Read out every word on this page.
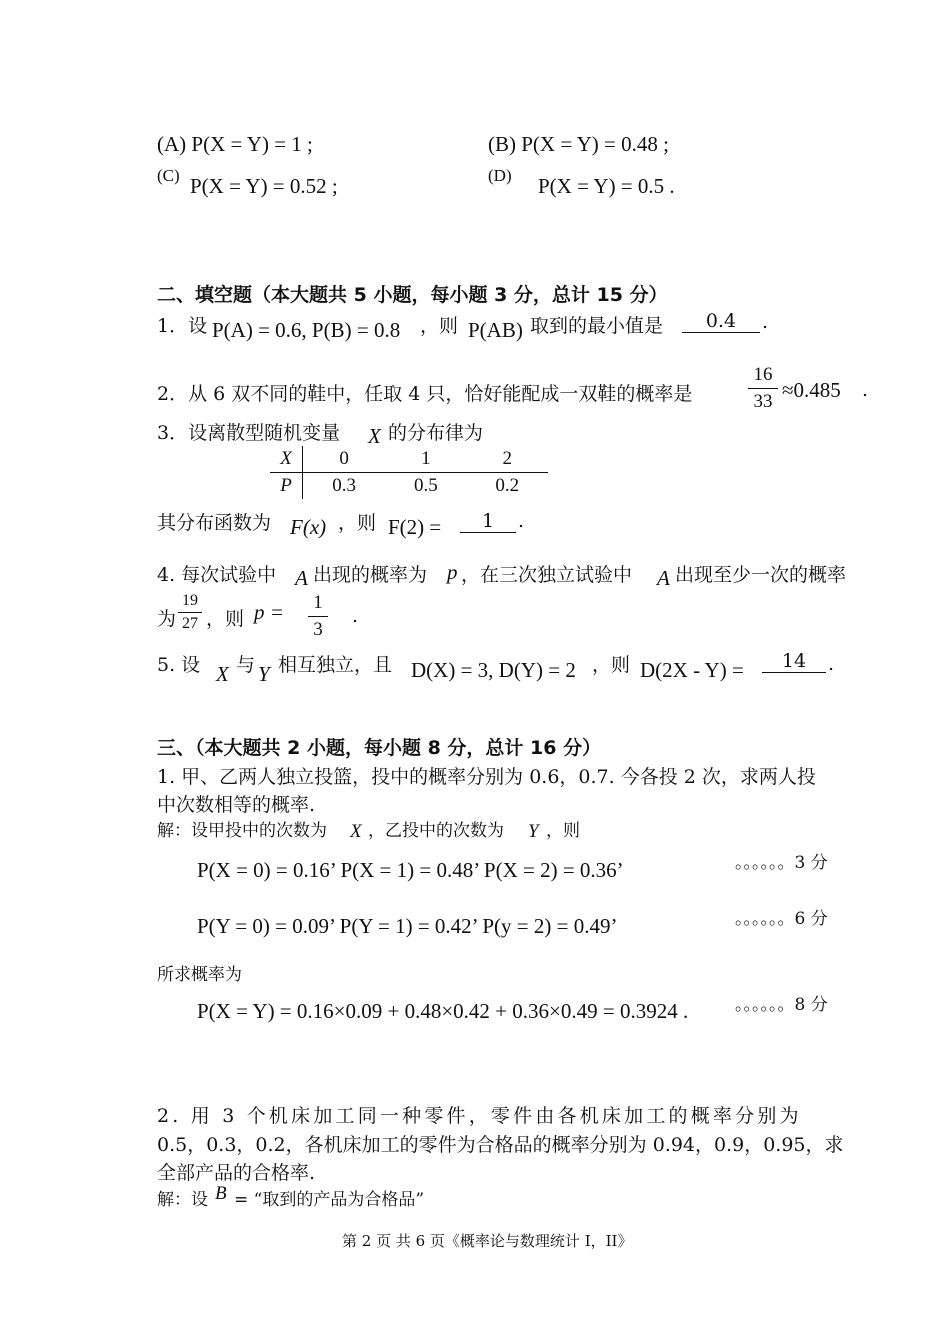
(A) P(X = Y) = 1 ;	(B) P(X = Y) = 0.48 ;
(C) P(X = Y) = 0.52 ;	(D) P(X = Y) = 0.5 .
二、填空题（本大题共 5 小题，每小题 3 分，总计 15 分）
1．设 P(A) = 0.6, P(B) = 0.8 ，则 P(AB) 取到的最小值是	0.4	.
2．从 6 双不同的鞋中，任取 4 只，恰好能配成一双鞋的概率是
16
33 ≈0.485 .
3．设离散型随机变量 X 的分布律为
X	0	1	2
P	0.3	0.5	0.2
其分布函数为 F(x) ，则 F(2) =	1	.
4. 每次试验中 A 出现的概率为 p ，在三次独立试验中 A 出现至少一次的概率
为
19
27 ，则 p = 1
3
.
5. 设 X 与 Y 相互独立，且 D(X) = 3, D(Y) = 2 ，则 D(2X - Y) =	14	.
三、（本大题共 2 小题，每小题 8 分，总计 16 分）
1. 甲、乙两人独立投篮，投中的概率分别为 0.6，0.7. 今各投 2 次，求两人投
中次数相等的概率.
解：设甲投中的次数为 X ，乙投中的次数为 Y ，则
P(X = 0) = 0.16’ P(X = 1) = 0.48’ P(X = 2) = 0.36’	。。。。。。3 分
P(Y = 0) = 0.09’ P(Y = 1) = 0.42’ P(y = 2) = 0.49’	。。。。。。6 分
所求概率为
P(X = Y) = 0.16×0.09 + 0.48×0.42 + 0.36×0.49 = 0.3924 .	。。。。。。8 分
2. 用 3 个机床加工同一种零件，零件由各机床加工的概率分别为
0.5，0.3，0.2，各机床加工的零件为合格品的概率分别为 0.94，0.9，0.95，求
全部产品的合格率.
解：设 B = “取到的产品为合格品”
第 2 页 共 6 页《概率论与数理统计 I，II》
